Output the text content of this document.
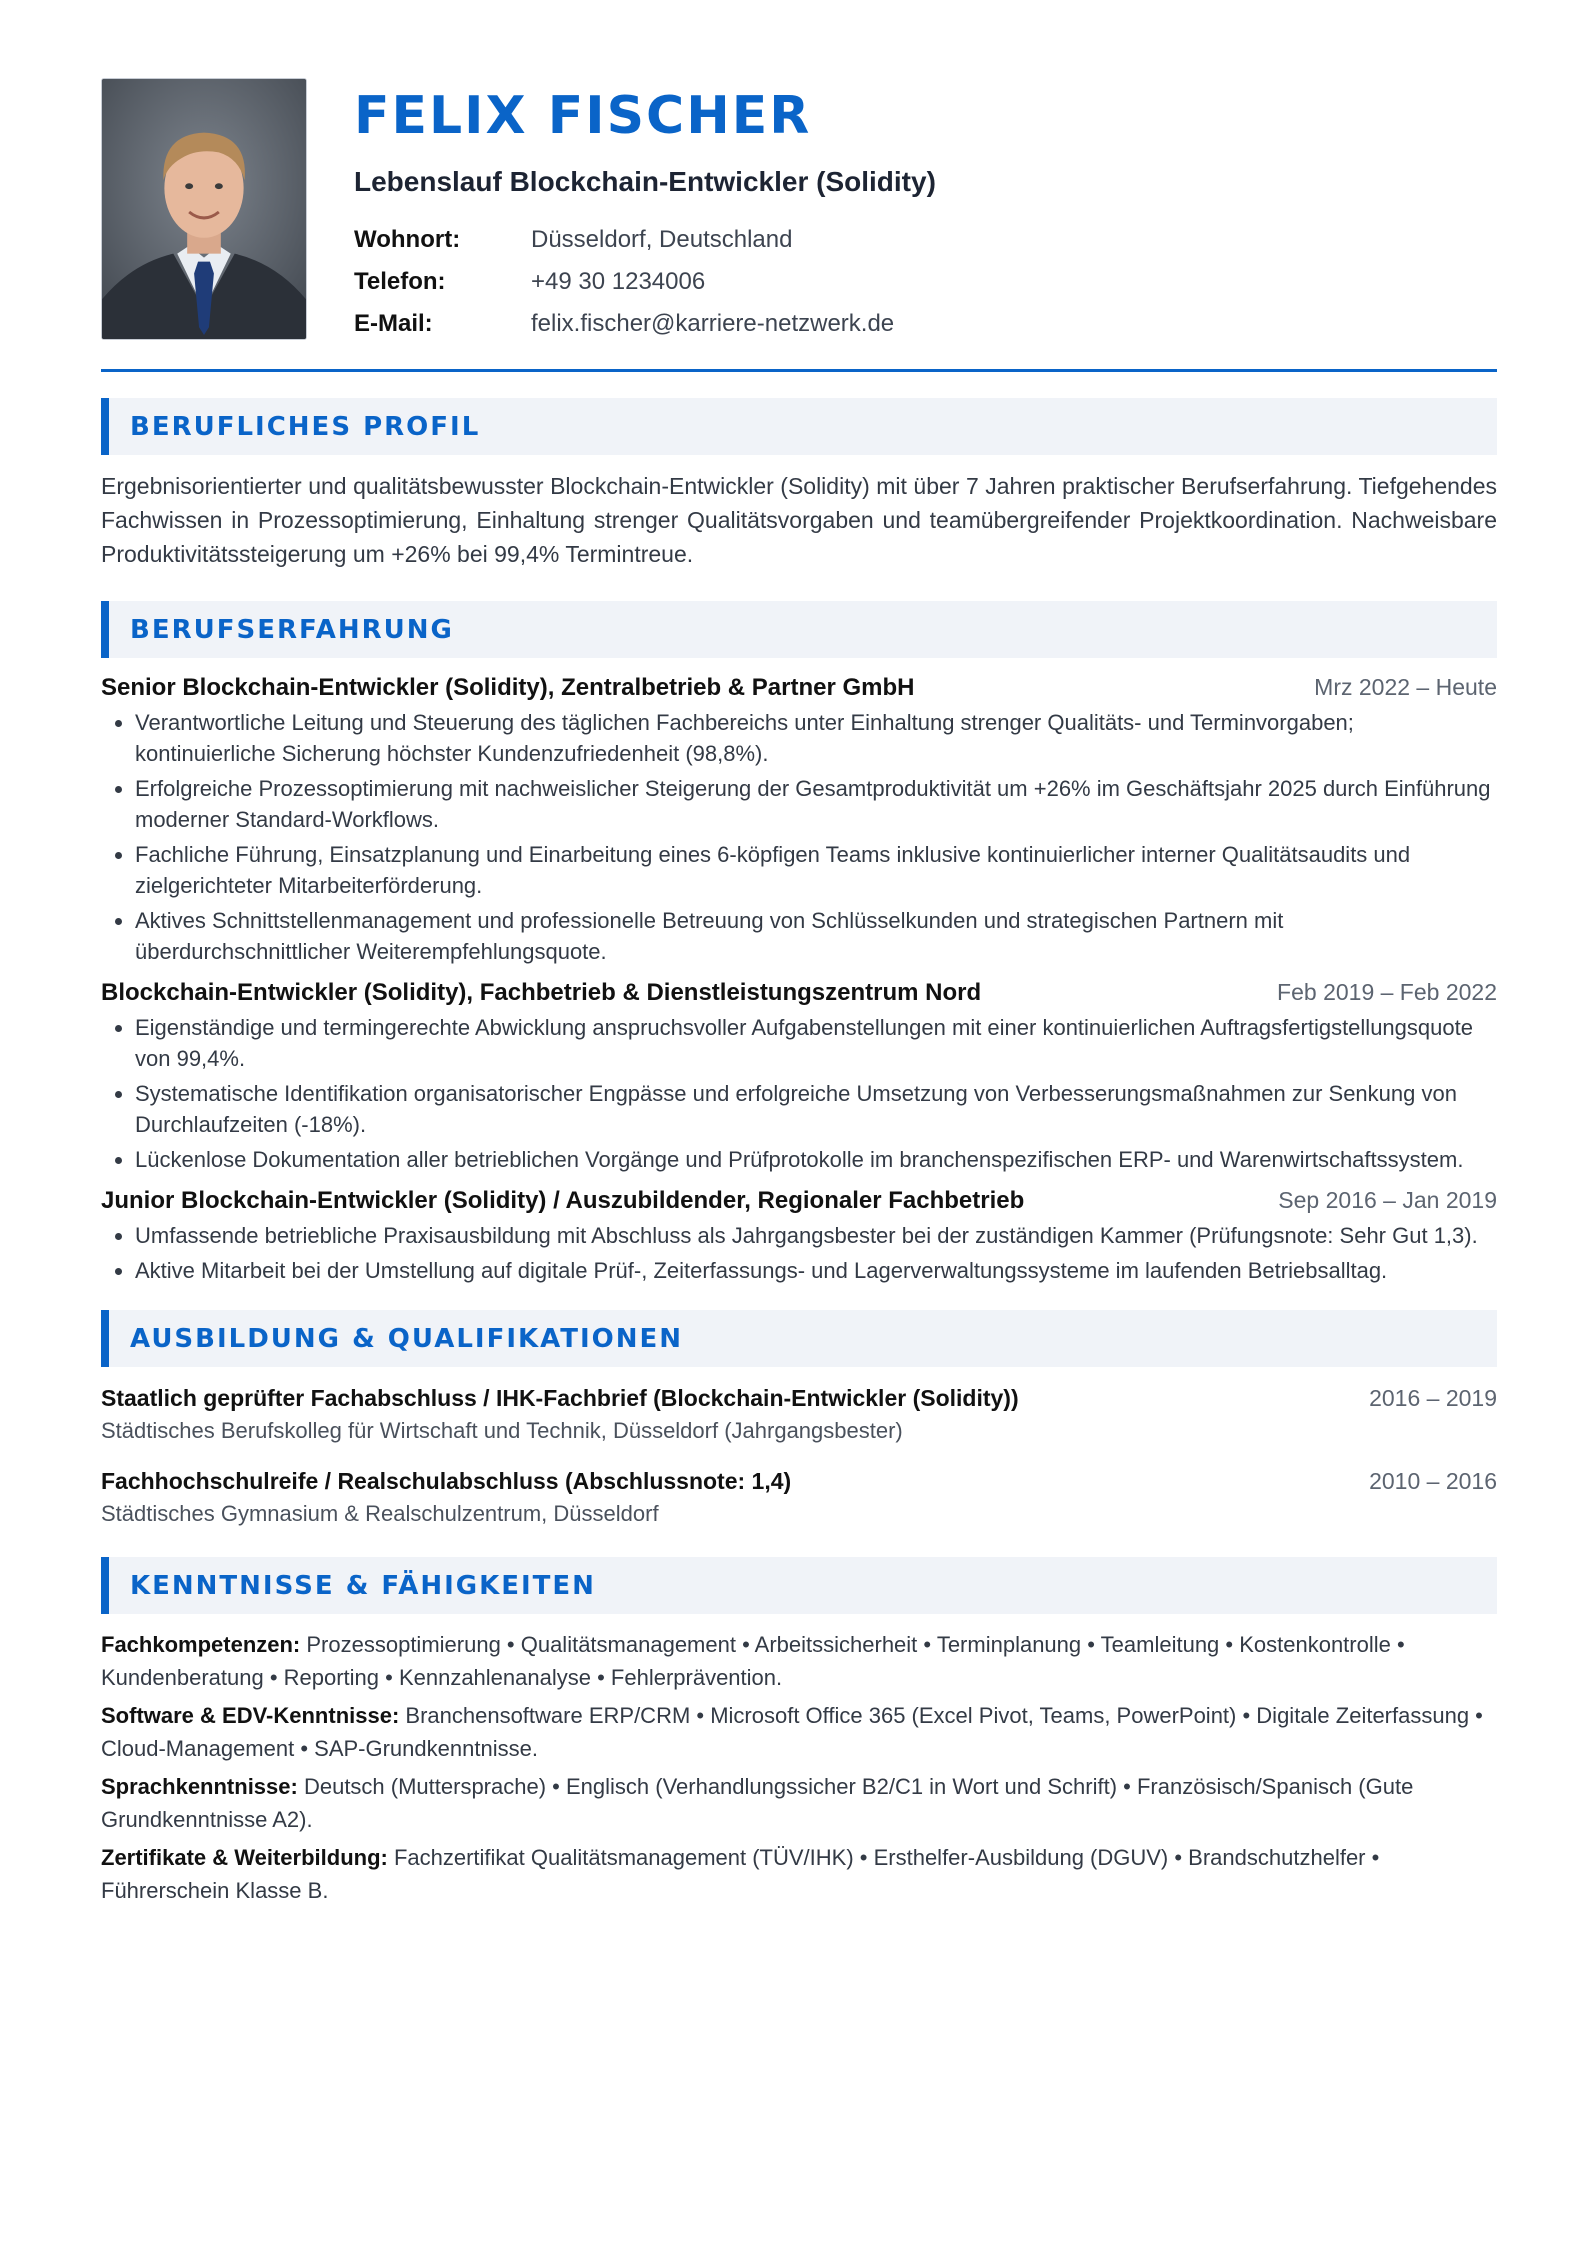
FELIX FISCHER
Lebenslauf Blockchain-Entwickler (Solidity)
Wohnort:	Düsseldorf, Deutschland
Telefon:	+49 30 1234006
E-Mail:	felix.fischer@karriere-netzwerk.de
BERUFLICHES PROFIL
Ergebnisorientierter und qualitätsbewusster Blockchain-Entwickler (Solidity) mit über 7 Jahren praktischer Berufserfahrung. Tiefgehendes Fachwissen in Prozessoptimierung, Einhaltung strenger Qualitätsvorgaben und teamübergreifender Projektkoordination. Nachweisbare Produktivitätssteigerung um +26% bei 99,4% Termintreue.
BERUFSERFAHRUNG
Senior Blockchain-Entwickler (Solidity), Zentralbetrieb & Partner GmbH	Mrz 2022 – Heute
• Verantwortliche Leitung und Steuerung des täglichen Fachbereichs unter Einhaltung strenger Qualitäts- und Terminvorgaben; kontinuierliche Sicherung höchster Kundenzufriedenheit (98,8%).
• Erfolgreiche Prozessoptimierung mit nachweislicher Steigerung der Gesamtproduktivität um +26% im Geschäftsjahr 2025 durch Einführung moderner Standard-Workflows.
• Fachliche Führung, Einsatzplanung und Einarbeitung eines 6-köpfigen Teams inklusive kontinuierlicher interner Qualitätsaudits und zielgerichteter Mitarbeiterförderung.
• Aktives Schnittstellenmanagement und professionelle Betreuung von Schlüsselkunden und strategischen Partnern mit überdurchschnittlicher Weiterempfehlungsquote.
Blockchain-Entwickler (Solidity), Fachbetrieb & Dienstleistungszentrum Nord	Feb 2019 – Feb 2022
• Eigenständige und termingerechte Abwicklung anspruchsvoller Aufgabenstellungen mit einer kontinuierlichen Auftragsfertigstellungsquote von 99,4%.
• Systematische Identifikation organisatorischer Engpässe und erfolgreiche Umsetzung von Verbesserungsmaßnahmen zur Senkung von Durchlaufzeiten (-18%).
• Lückenlose Dokumentation aller betrieblichen Vorgänge und Prüfprotokolle im branchenspezifischen ERP- und Warenwirtschaftssystem.
Junior Blockchain-Entwickler (Solidity) / Auszubildender, Regionaler Fachbetrieb	Sep 2016 – Jan 2019
• Umfassende betriebliche Praxisausbildung mit Abschluss als Jahrgangsbester bei der zuständigen Kammer (Prüfungsnote: Sehr Gut 1,3).
• Aktive Mitarbeit bei der Umstellung auf digitale Prüf-, Zeiterfassungs- und Lagerverwaltungssysteme im laufenden Betriebsalltag.
AUSBILDUNG & QUALIFIKATIONEN
Staatlich geprüfter Fachabschluss / IHK-Fachbrief (Blockchain-Entwickler (Solidity))	2016 – 2019
Städtisches Berufskolleg für Wirtschaft und Technik, Düsseldorf (Jahrgangsbester)
Fachhochschulreife / Realschulabschluss (Abschlussnote: 1,4)	2010 – 2016
Städtisches Gymnasium & Realschulzentrum, Düsseldorf
KENNTNISSE & FÄHIGKEITEN
Fachkompetenzen: Prozessoptimierung • Qualitätsmanagement • Arbeitssicherheit • Terminplanung • Teamleitung • Kostenkontrolle • Kundenberatung • Reporting • Kennzahlenanalyse • Fehlerprävention.
Software & EDV-Kenntnisse: Branchensoftware ERP/CRM • Microsoft Office 365 (Excel Pivot, Teams, PowerPoint) • Digitale Zeiterfassung • Cloud-Management • SAP-Grundkenntnisse.
Sprachkenntnisse: Deutsch (Muttersprache) • Englisch (Verhandlungssicher B2/C1 in Wort und Schrift) • Französisch/Spanisch (Gute Grundkenntnisse A2).
Zertifikate & Weiterbildung: Fachzertifikat Qualitätsmanagement (TÜV/IHK) • Ersthelfer-Ausbildung (DGUV) • Brandschutzhelfer • Führerschein Klasse B.
